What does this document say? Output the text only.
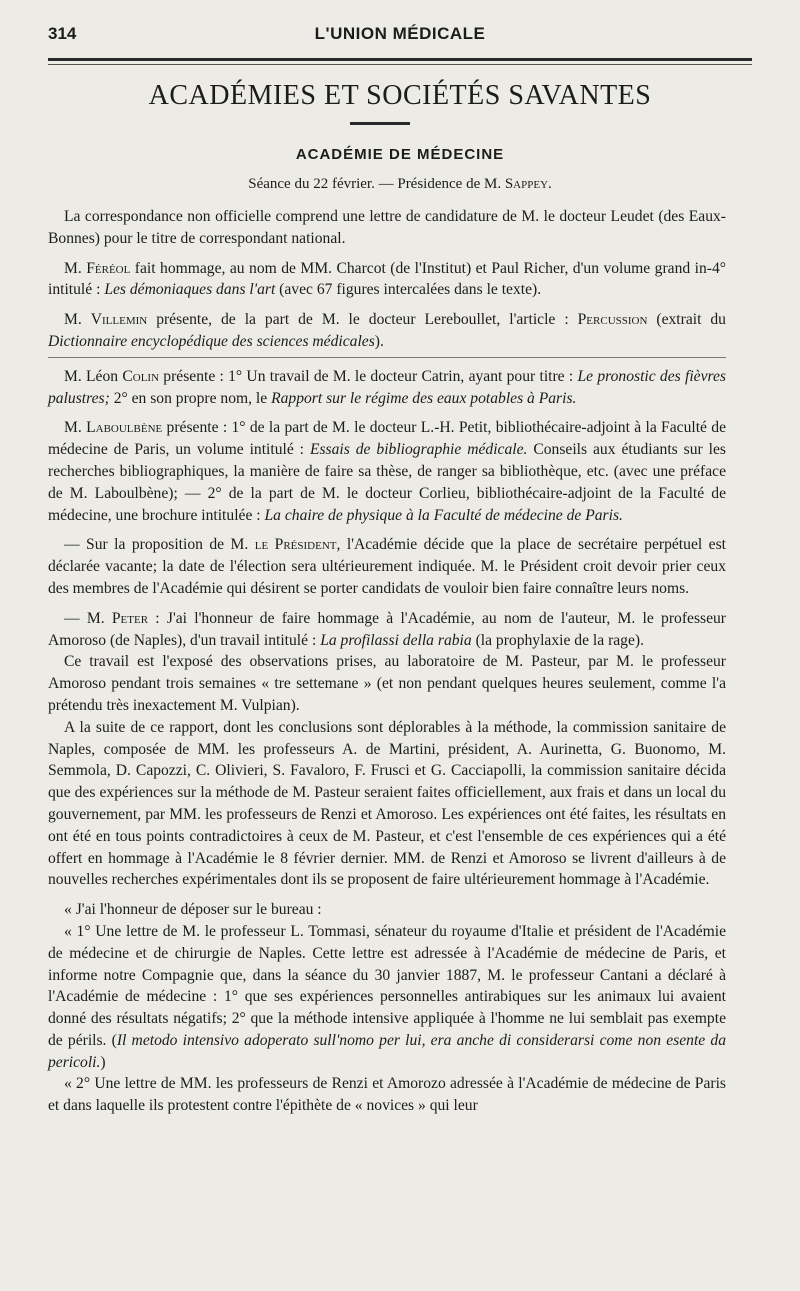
314	L'UNION MÉDICALE
ACADÉMIES ET SOCIÉTÉS SAVANTES
ACADÉMIE DE MÉDECINE
Séance du 22 février. — Présidence de M. Sappey.

La correspondance non officielle comprend une lettre de candidature de M. le docteur Leudet (des Eaux-Bonnes) pour le titre de correspondant national.

M. Féréol fait hommage, au nom de MM. Charcot (de l'Institut) et Paul Richer, d'un volume grand in-4° intitulé : Les démoniaques dans l'art (avec 67 figures intercalées dans le texte).

M. Villemin présente, de la part de M. le docteur Lereboullet, l'article : Percussion (extrait du Dictionnaire encyclopédique des sciences médicales).

M. Léon Colin présente : 1° Un travail de M. le docteur Catrin, ayant pour titre : Le pronostic des fièvres palustres; 2° en son propre nom, le Rapport sur le régime des eaux potables à Paris.

M. Laboulbène présente : 1° de la part de M. le docteur L.-H. Petit, bibliothécaire-adjoint à la Faculté de médecine de Paris, un volume intitulé : Essais de bibliographie médicale. Conseils aux étudiants sur les recherches bibliographiques, la manière de faire sa thèse, de ranger sa bibliothèque, etc. (avec une préface de M. Laboulbène); — 2° de la part de M. le docteur Corlieu, bibliothécaire-adjoint de la Faculté de médecine, une brochure intitulée : La chaire de physique à la Faculté de médecine de Paris.

— Sur la proposition de M. le Président, l'Académie décide que la place de secrétaire perpétuel est déclarée vacante; la date de l'élection sera ultérieurement indiquée. M. le Président croit devoir prier ceux des membres de l'Académie qui désirent se porter candidats de vouloir bien faire connaître leurs noms.

— M. Peter : J'ai l'honneur de faire hommage à l'Académie, au nom de l'auteur, M. le professeur Amoroso (de Naples), d'un travail intitulé : La profilassi della rabia (la prophylaxie de la rage).

Ce travail est l'exposé des observations prises, au laboratoire de M. Pasteur, par M. le professeur Amoroso pendant trois semaines « tre settemane » (et non pendant quelques heures seulement, comme l'a prétendu très inexactement M. Vulpian).

A la suite de ce rapport, dont les conclusions sont déplorables à la méthode, la commission sanitaire de Naples, composée de MM. les professeurs A. de Martini, président, A. Aurinetta, G. Buonomo, M. Semmola, D. Capozzi, C. Olivieri, S. Favaloro, F. Frusci et G. Cacciapolli, la commission sanitaire décida que des expériences sur la méthode de M. Pasteur seraient faites officiellement, aux frais et dans un local du gouvernement, par MM. les professeurs de Renzi et Amoroso. Les expériences ont été faites, les résultats en ont été en tous points contradictoires à ceux de M. Pasteur, et c'est l'ensemble de ces expériences qui a été offert en hommage à l'Académie le 8 février dernier. MM. de Renzi et Amoroso se livrent d'ailleurs à de nouvelles recherches expérimentales dont ils se proposent de faire ultérieurement hommage à l'Académie.

« J'ai l'honneur de déposer sur le bureau :

« 1° Une lettre de M. le professeur L. Tommasi, sénateur du royaume d'Italie et président de l'Académie de médecine et de chirurgie de Naples. Cette lettre est adressée à l'Académie de médecine de Paris, et informe notre Compagnie que, dans la séance du 30 janvier 1887, M. le professeur Cantani a déclaré à l'Académie de médecine : 1° que ses expériences personnelles antirabiques sur les animaux lui avaient donné des résultats négatifs; 2° que la méthode intensive appliquée à l'homme ne lui semblait pas exempte de périls. (Il metodo intensivo adoperato sull'nomo per lui, era anche di considerarsi come non esente da pericoli.)

« 2° Une lettre de MM. les professeurs de Renzi et Amorozo adressée à l'Académie de médecine de Paris et dans laquelle ils protestent contre l'épithète de « novices » qui leur
